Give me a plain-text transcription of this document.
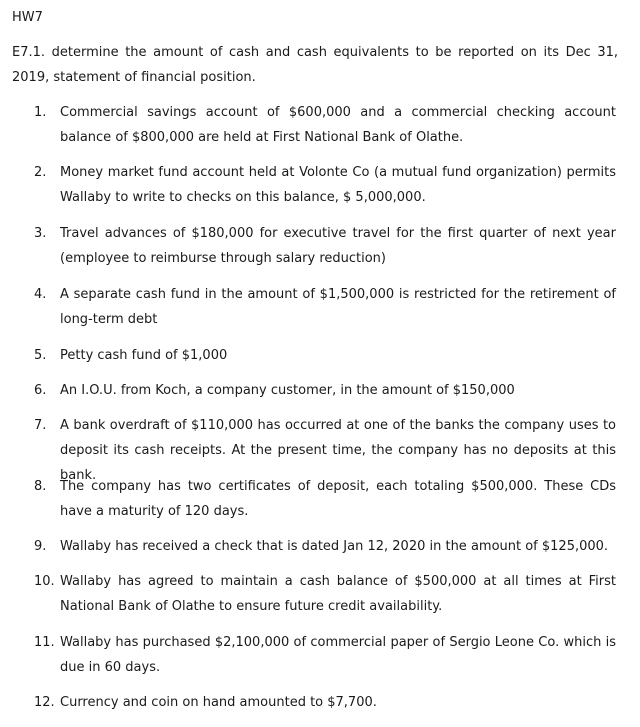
HW7

E7.1. determine the amount of cash and cash equivalents to be reported on its Dec 31, 2019, statement of financial position.

1.	Commercial savings account of $600,000 and a commercial checking account balance of $800,000 are held at First National Bank of Olathe.
2.	Money market fund account held at Volonte Co (a mutual fund organization) permits Wallaby to write to checks on this balance, $ 5,000,000.
3.	Travel advances of $180,000 for executive travel for the first quarter of next year (employee to reimburse through salary reduction)
4.	A separate cash fund in the amount of $1,500,000 is restricted for the retirement of long-term debt
5.	Petty cash fund of $1,000
6.	An I.O.U. from Koch, a company customer, in the amount of $150,000
7.	A bank overdraft of $110,000 has occurred at one of the banks the company uses to deposit its cash receipts. At the present time, the company has no deposits at this bank.
8.	The company has two certificates of deposit, each totaling $500,000. These CDs have a maturity of 120 days.
9.	Wallaby has received a check that is dated Jan 12, 2020 in the amount of $125,000.
10. Wallaby has agreed to maintain a cash balance of $500,000 at all times at First National Bank of Olathe to ensure future credit availability.
11. Wallaby has purchased $2,100,000 of commercial paper of Sergio Leone Co. which is due in 60 days.
12. Currency and coin on hand amounted to $7,700.
